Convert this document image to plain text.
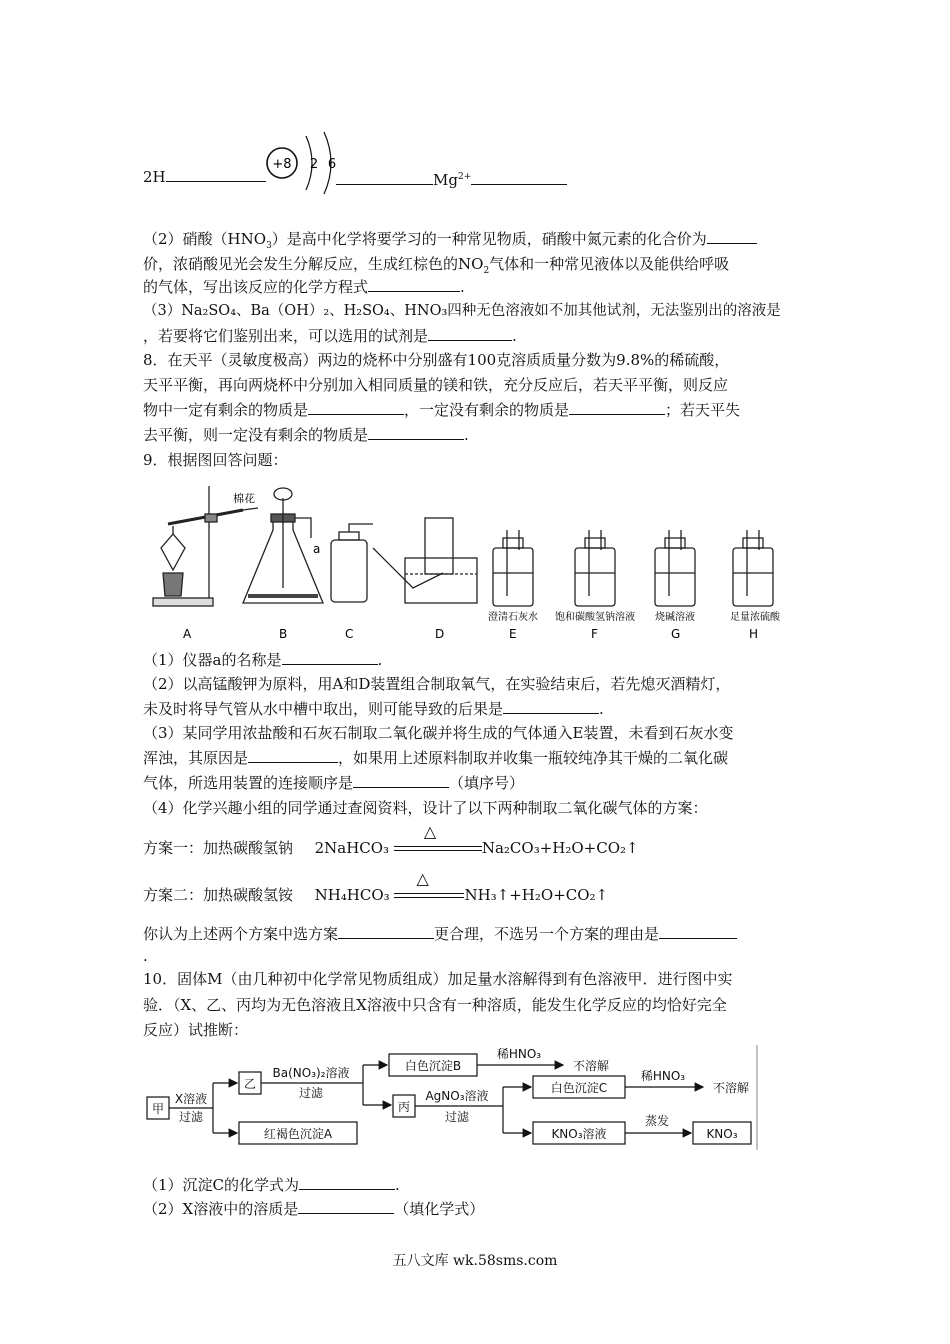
2H
+8 2 6
$Mg^{2+}$
（2）硝酸$(HNO_3)$是高中化学将要学习的一种常见物质，硝酸中氮元素的化合价为
价，浓硝酸见光会发生分解反应，生成红棕色的$NO_2$气体和一种常见液体以及能供给呼吸
的气体，写出该反应的化学方程式	.
（3）Na₂SO₄、Ba（OH）₂、H₂SO₄、HNO₃四种无色溶液如不加其他试剂，无法鉴别出的溶液是
，若要将它们鉴别出来，可以选用的试剂是	.
8．在天平（灵敏度极高）两边的烧杯中分别盛有100克溶质质量分数为9.8%的稀硫酸，
天平平衡，再向两烧杯中分别加入相同质量的镁和铁，充分反应后，若天平平衡，则反应
物中一定有剩余的物质是	，一定没有剩余的物质是	；若天平失
去平衡，则一定没有剩余的物质是	.
9．根据图回答问题：
棉花
a
澄清石灰水 饱和碳酸氢钠溶液 烧碱溶液	足量浓硫酸
A	B	C	D	E	F	G	H
（1）仪器a的名称是	.
（2）以高锰酸钾为原料，用A和D装置组合制取氧气，在实验结束后，若先熄灭酒精灯，
未及时将导气管从水中槽中取出，则可能导致的后果是	.
（3）某同学用浓盐酸和石灰石制取二氧化碳并将生成的气体通入E装置，未看到石灰水变
浑浊，其原因是	，如果用上述原料制取并收集一瓶较纯净其干燥的二氧化碳
气体，所选用装置的连接顺序是	（填序号）
（4）化学兴趣小组的同学通过查阅资料，设计了以下两种制取二氧化碳气体的方案：
方案一：加热碳酸氢钠 2NaHCO₃
△
Na₂CO₃+H₂O+CO₂↑
方案二：加热碳酸氢铵 NH₄HCO₃
△
NH₃↑+H₂O+CO₂↑
你认为上述两个方案中选方案	更合理，不选另一个方案的理由是
.
10．固体M（由几种初中化学常见物质组成）加足量水溶解得到有色溶液甲．进行图中实
验．（X、乙、丙均为无色溶液且X溶液中只含有一种溶质，能发生化学反应的均恰好完全
反应）试推断：
甲
X溶液
过滤
乙
Ba(NO₃)₂溶液
过滤
白色沉淀B
稀HNO₃
不溶解
丙
AgNO₃溶液
过滤
白色沉淀C
稀HNO₃
不溶解
KNO₃溶液
蒸发
KNO₃
红褐色沉淀A
（1）沉淀C的化学式为	.
（2）X溶液中的溶质是	（填化学式）
五八文库 wk.58sms.com
